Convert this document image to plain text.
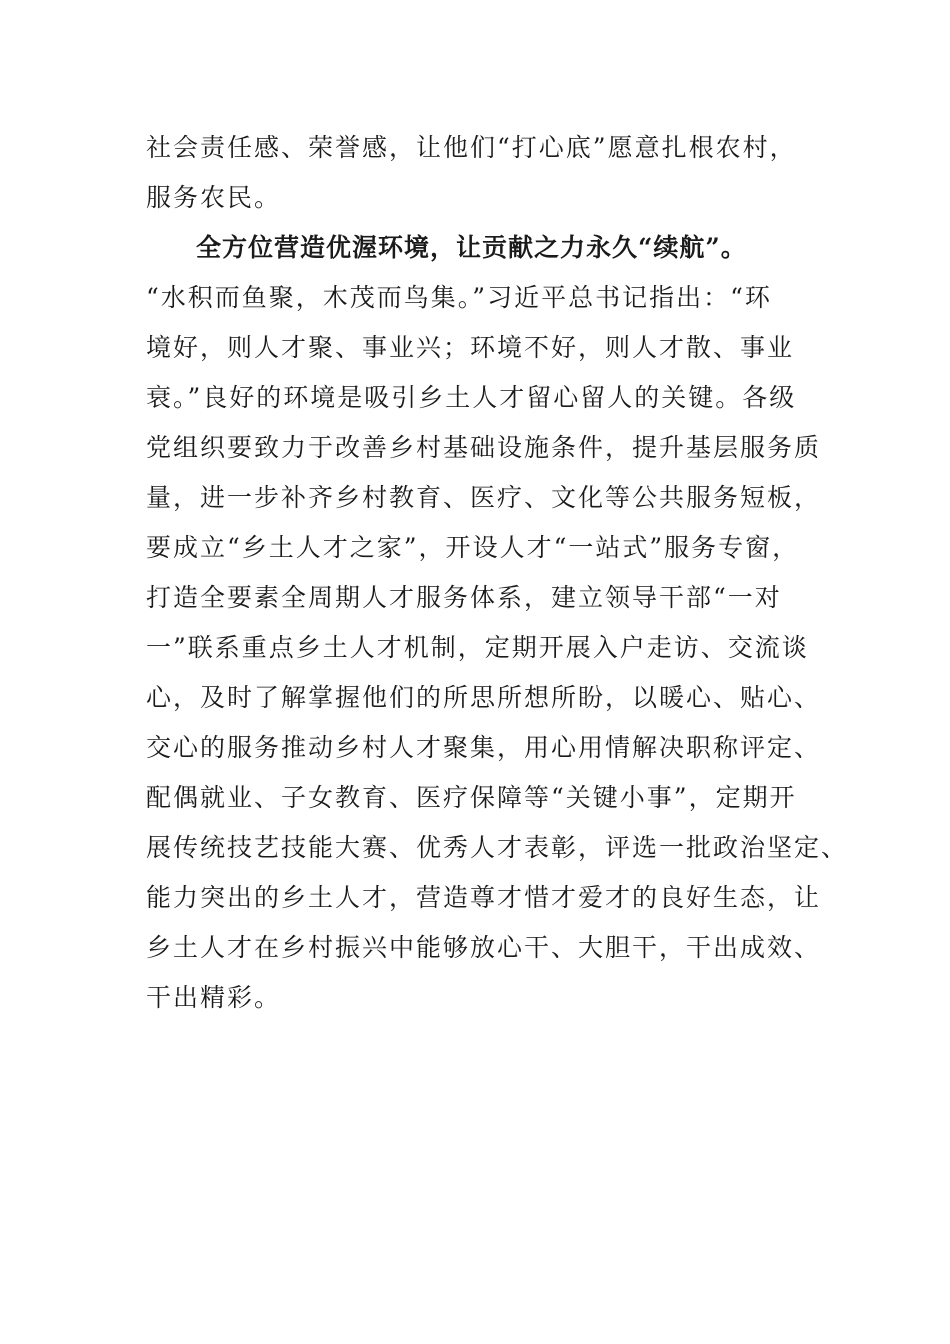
社会责任感、荣誉感，让他们“打心底”愿意扎根农村，
服务农民。
全方位营造优渥环境，让贡献之力永久“续航”。
“水积而鱼聚，木茂而鸟集。”习近平总书记指出：“环
境好，则人才聚、事业兴；环境不好，则人才散、事业
衰。”良好的环境是吸引乡土人才留心留人的关键。各级
党组织要致力于改善乡村基础设施条件，提升基层服务质
量，进一步补齐乡村教育、医疗、文化等公共服务短板，
要成立“乡土人才之家”，开设人才“一站式”服务专窗，
打造全要素全周期人才服务体系，建立领导干部“一对
一”联系重点乡土人才机制，定期开展入户走访、交流谈
心，及时了解掌握他们的所思所想所盼，以暖心、贴心、
交心的服务推动乡村人才聚集，用心用情解决职称评定、
配偶就业、子女教育、医疗保障等“关键小事”，定期开
展传统技艺技能大赛、优秀人才表彰，评选一批政治坚定、
能力突出的乡土人才，营造尊才惜才爱才的良好生态，让
乡土人才在乡村振兴中能够放心干、大胆干，干出成效、
干出精彩。
